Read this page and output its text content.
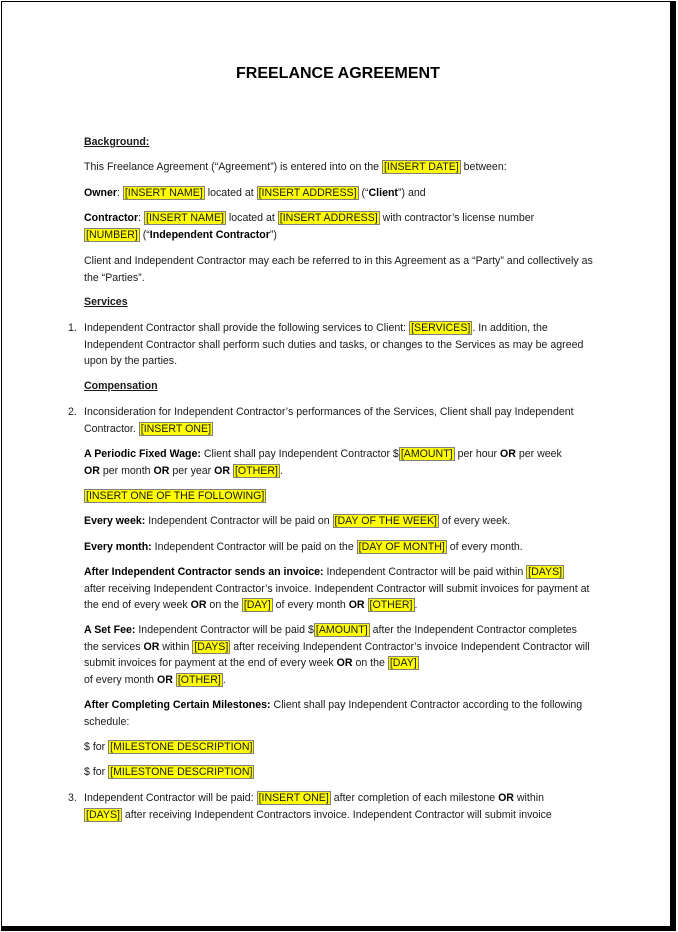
FREELANCE AGREEMENT

Background:

This Freelance Agreement (“Agreement”) is entered into on the [INSERT DATE] between:

Owner: [INSERT NAME] located at [INSERT ADDRESS] (“Client”) and

Contractor: [INSERT NAME] located at [INSERT ADDRESS] with contractor’s license number
[NUMBER] (“Independent Contractor”)

Client and Independent Contractor may each be referred to in this Agreement as a “Party” and collectively as the “Parties”.

Services

1. Independent Contractor shall provide the following services to Client: [SERVICES] . In addition, the Independent Contractor shall perform such duties and tasks, or changes to the Services as may be agreed upon by the parties.

Compensation

2. Inconsideration for Independent Contractor’s performances of the Services, Client shall pay Independent Contractor. [INSERT ONE]

A Periodic Fixed Wage: Client shall pay Independent Contractor $ [AMOUNT] per hour OR per week
OR per month OR per year OR [OTHER] .

[INSERT ONE OF THE FOLLOWING]

Every week: Independent Contractor will be paid on [DAY OF THE WEEK] of every week.

Every month: Independent Contractor will be paid on the [DAY OF MONTH] of every month.

After Independent Contractor sends an invoice: Independent Contractor will be paid within [DAYS]
after receiving Independent Contractor’s invoice. Independent Contractor will submit invoices for payment at the end of every week OR on the [DAY] of every month OR [OTHER] .

A Set Fee: Independent Contractor will be paid $ [AMOUNT] after the Independent Contractor completes the services OR within [DAYS] after receiving Independent Contractor’s invoice Independent Contractor will submit invoices for payment at the end of every week OR on the [DAY]
of every month OR [OTHER] .

After Completing Certain Milestones: Client shall pay Independent Contractor according to the following schedule:

$ for [MILESTONE DESCRIPTION]

$ for [MILESTONE DESCRIPTION]

3. Independent Contractor will be paid: [INSERT ONE] after completion of each milestone OR within
[DAYS] after receiving Independent Contractors invoice. Independent Contractor will submit invoice
